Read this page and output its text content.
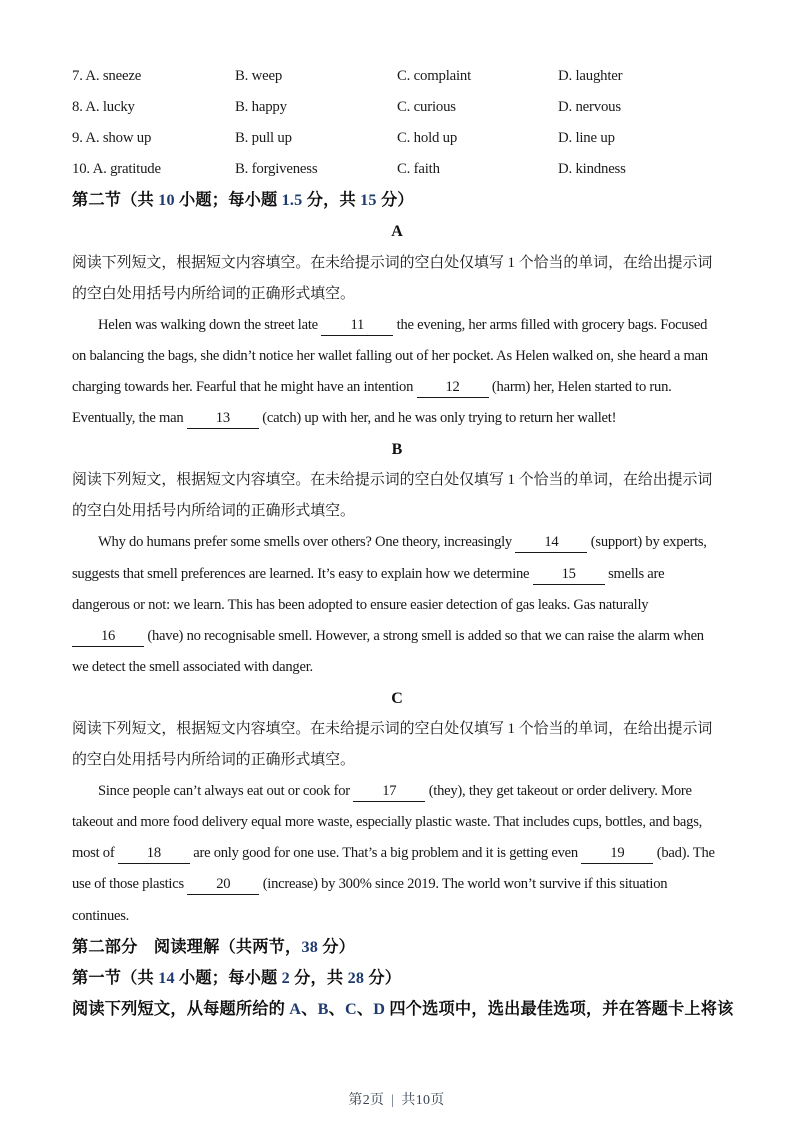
7. A. sneeze	B. weep	C. complaint	D. laughter
8. A. lucky	B. happy	C. curious	D. nervous
9. A. show up	B. pull up	C. hold up	D. line up
10. A. gratitude	B. forgiveness	C. faith	D. kindness
第二节（共 10 小题；每小题 1.5 分，共 15 分）
A

阅读下列短文，根据短文内容填空。在未给提示词的空白处仅填写 1 个恰当的单词，在给出提示词的空白处用括号内所给词的正确形式填空。

Helen was walking down the street late 11 the evening, her arms filled with grocery bags. Focused on balancing the bags, she didn’t notice her wallet falling out of her pocket. As Helen walked on, she heard a man charging towards her. Fearful that he might have an intention 12 (harm) her, Helen started to run. Eventually, the man 13 (catch) up with her, and he was only trying to return her wallet!

B

阅读下列短文，根据短文内容填空。在未给提示词的空白处仅填写 1 个恰当的单词，在给出提示词的空白处用括号内所给词的正确形式填空。

Why do humans prefer some smells over others? One theory, increasingly 14 (support) by experts, suggests that smell preferences are learned. It’s easy to explain how we determine 15 smells are dangerous or not: we learn. This has been adopted to ensure easier detection of gas leaks. Gas naturally 16 (have) no recognisable smell. However, a strong smell is added so that we can raise the alarm when we detect the smell associated with danger.

C

阅读下列短文，根据短文内容填空。在未给提示词的空白处仅填写 1 个恰当的单词，在给出提示词的空白处用括号内所给词的正确形式填空。

Since people can’t always eat out or cook for 17 (they), they get takeout or order delivery. More takeout and more food delivery equal more waste, especially plastic waste. That includes cups, bottles, and bags, most of 18 are only good for one use. That’s a big problem and it is getting even 19 (bad). The use of those plastics 20 (increase) by 300% since 2019. The world won’t survive if this situation continues.

第二部分　阅读理解（共两节，38 分）
第一节（共 14 小题；每小题 2 分，共 28 分）
阅读下列短文，从每题所给的 A、B、C、D 四个选项中，选出最佳选项，并在答题卡上将该
第2页 | 共10页
